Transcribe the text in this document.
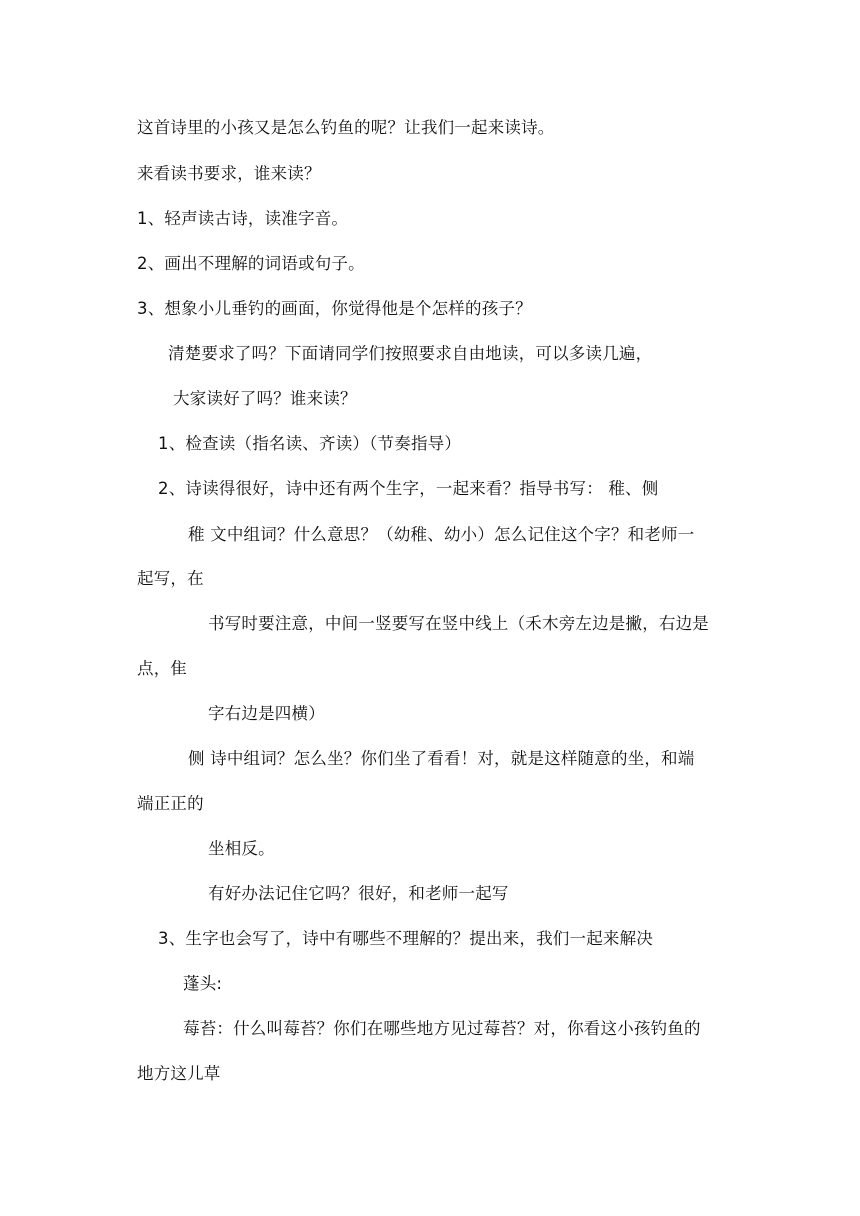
这首诗里的小孩又是怎么钓鱼的呢？让我们一起来读诗。
来看读书要求，谁来读？
1、轻声读古诗，读准字音。
2、画出不理解的词语或句子。
3、想象小儿垂钓的画面，你觉得他是个怎样的孩子？
清楚要求了吗？下面请同学们按照要求自由地读，可以多读几遍，
大家读好了吗？谁来读？
1、检查读（指名读、齐读）（节奏指导）
2、诗读得很好，诗中还有两个生字，一起来看？指导书写： 稚、侧
稚 文中组词？什么意思？（幼稚、幼小）怎么记住这个字？和老师一
起写，在
书写时要注意，中间一竖要写在竖中线上（禾木旁左边是撇，右边是
点，隹
字右边是四横）
侧 诗中组词？怎么坐？你们坐了看看！对，就是这样随意的坐，和端
端正正的
坐相反。
有好办法记住它吗？很好，和老师一起写
3、生字也会写了，诗中有哪些不理解的？提出来，我们一起来解决
蓬头:
莓苔：什么叫莓苔？你们在哪些地方见过莓苔？对，你看这小孩钓鱼的
地方这儿草
